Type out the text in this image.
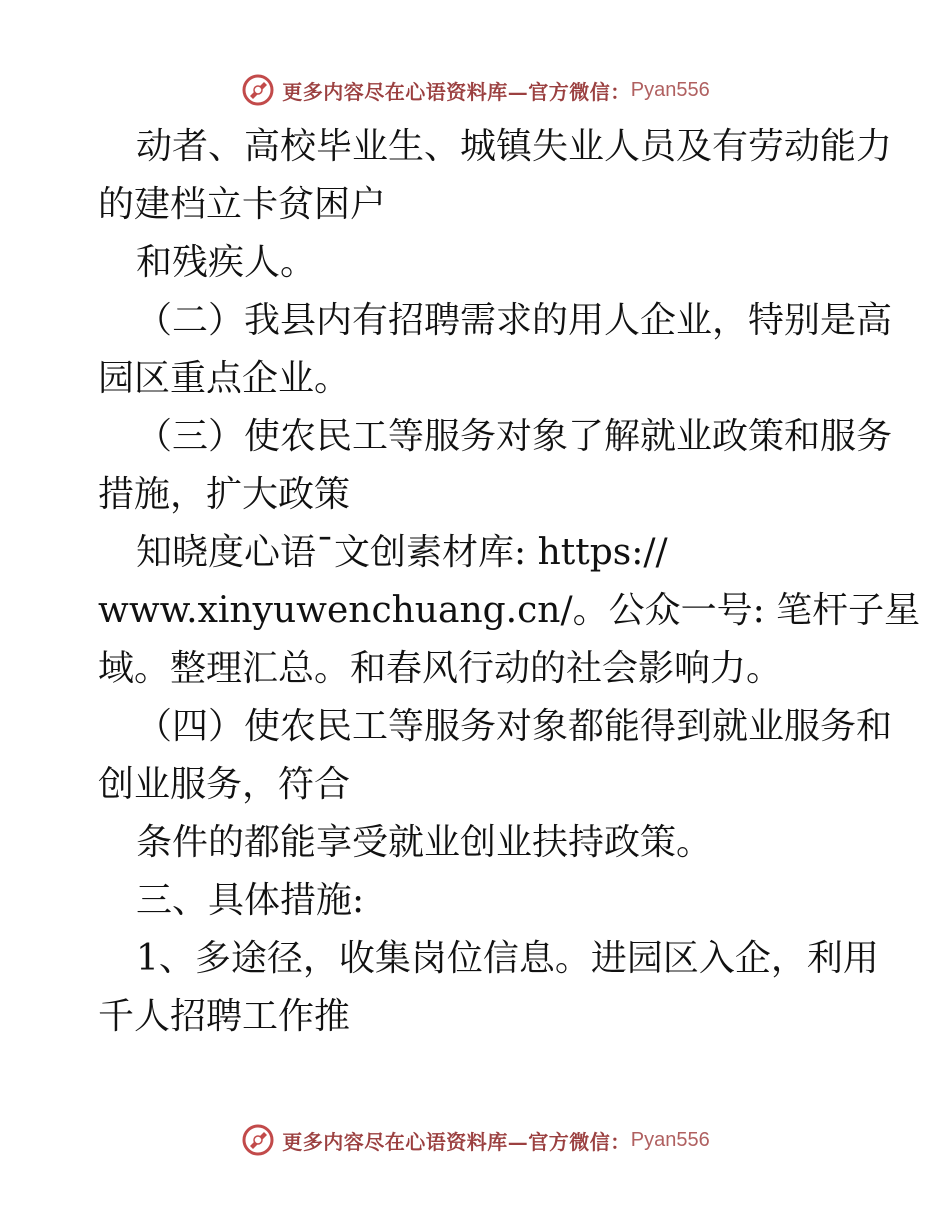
更多内容尽在心语资料库—官方微信： Pyan556
动者、高校毕业生、城镇失业人员及有劳动能力
的建档立卡贫困户
和残疾人。
（二）我县内有招聘需求的用人企业，特别是高
园区重点企业。
（三）使农民工等服务对象了解就业政策和服务
措施，扩大政策
知晓度心语¯文创素材库: https://
www.xinyuwenchuang.cn/。公众一号: 笔杆子星
域。整理汇总。和春风行动的社会影响力。
（四）使农民工等服务对象都能得到就业服务和
创业服务，符合
条件的都能享受就业创业扶持政策。
三、具体措施:
1、多途径，收集岗位信息。进园区入企，利用
千人招聘工作推
更多内容尽在心语资料库—官方微信： Pyan556
